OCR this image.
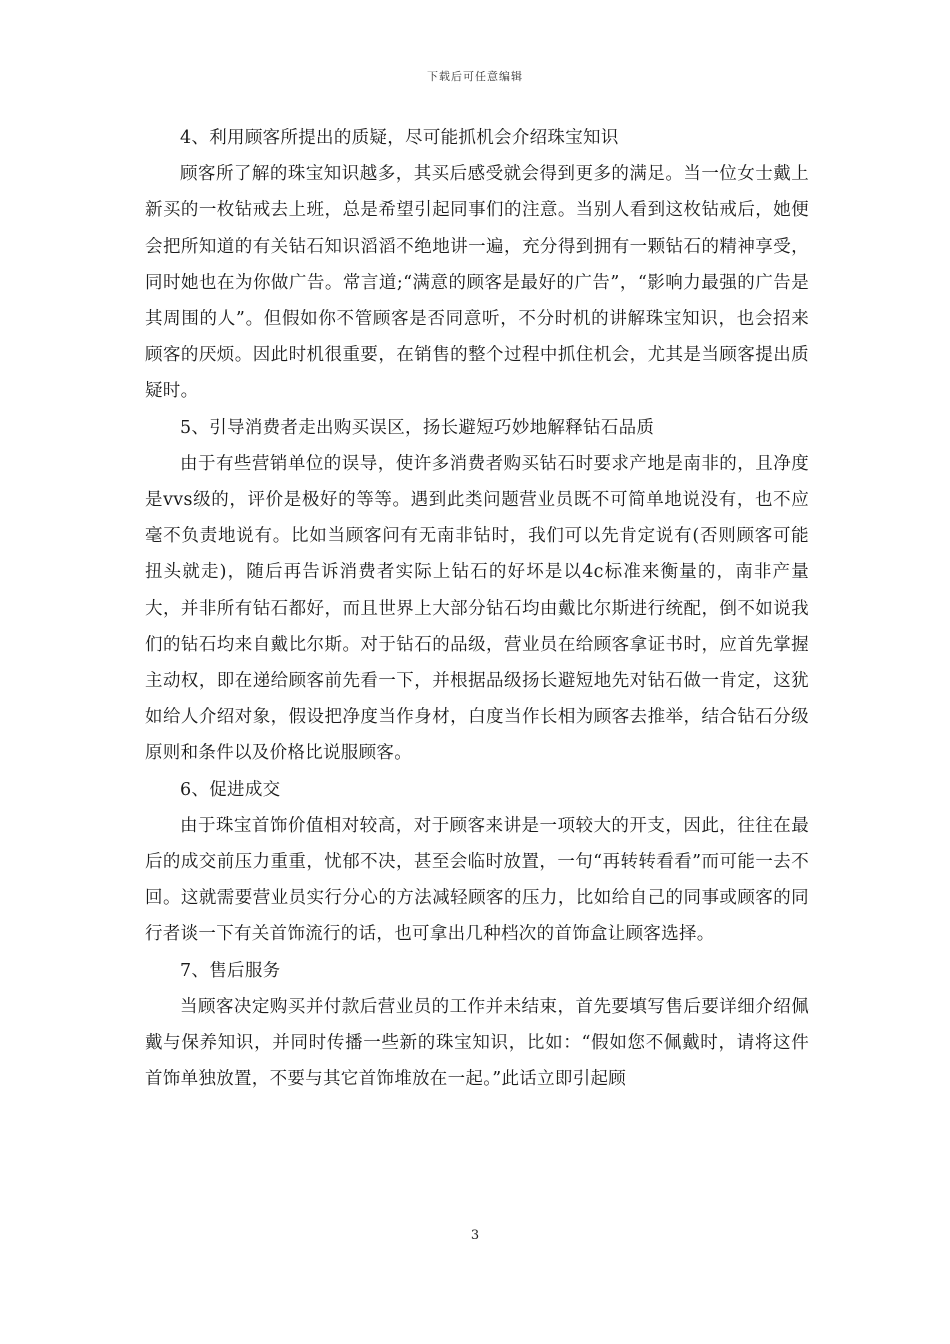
下载后可任意编辑

4、利用顾客所提出的质疑，尽可能抓机会介绍珠宝知识

顾客所了解的珠宝知识越多，其买后感受就会得到更多的满足。当一位女士戴上新买的一枚钻戒去上班，总是希望引起同事们的注意。当别人看到这枚钻戒后，她便会把所知道的有关钻石知识滔滔不绝地讲一遍，充分得到拥有一颗钻石的精神享受，同时她也在为你做广告。常言道;“满意的顾客是最好的广告”，“影响力最强的广告是其周围的人”。但假如你不管顾客是否同意听，不分时机的讲解珠宝知识，也会招来顾客的厌烦。因此时机很重要，在销售的整个过程中抓住机会，尤其是当顾客提出质疑时。

5、引导消费者走出购买误区，扬长避短巧妙地解释钻石品质

由于有些营销单位的误导，使许多消费者购买钻石时要求产地是南非的，且净度是vvs级的，评价是极好的等等。遇到此类问题营业员既不可简单地说没有，也不应毫不负责地说有。比如当顾客问有无南非钻时，我们可以先肯定说有(否则顾客可能扭头就走)，随后再告诉消费者实际上钻石的好坏是以4c标准来衡量的，南非产量大，并非所有钻石都好，而且世界上大部分钻石均由戴比尔斯进行统配，倒不如说我们的钻石均来自戴比尔斯。对于钻石的品级，营业员在给顾客拿证书时，应首先掌握主动权，即在递给顾客前先看一下，并根据品级扬长避短地先对钻石做一肯定，这犹如给人介绍对象，假设把净度当作身材，白度当作长相为顾客去推举，结合钻石分级原则和条件以及价格比说服顾客。

6、促进成交

由于珠宝首饰价值相对较高，对于顾客来讲是一项较大的开支，因此，往往在最后的成交前压力重重，忧郁不决，甚至会临时放置，一句“再转转看看”而可能一去不回。这就需要营业员实行分心的方法减轻顾客的压力，比如给自己的同事或顾客的同行者谈一下有关首饰流行的话，也可拿出几种档次的首饰盒让顾客选择。

7、售后服务

当顾客决定购买并付款后营业员的工作并未结束，首先要填写售后要详细介绍佩戴与保养知识，并同时传播一些新的珠宝知识，比如：“假如您不佩戴时，请将这件首饰单独放置，不要与其它首饰堆放在一起。”此话立即引起顾

3
